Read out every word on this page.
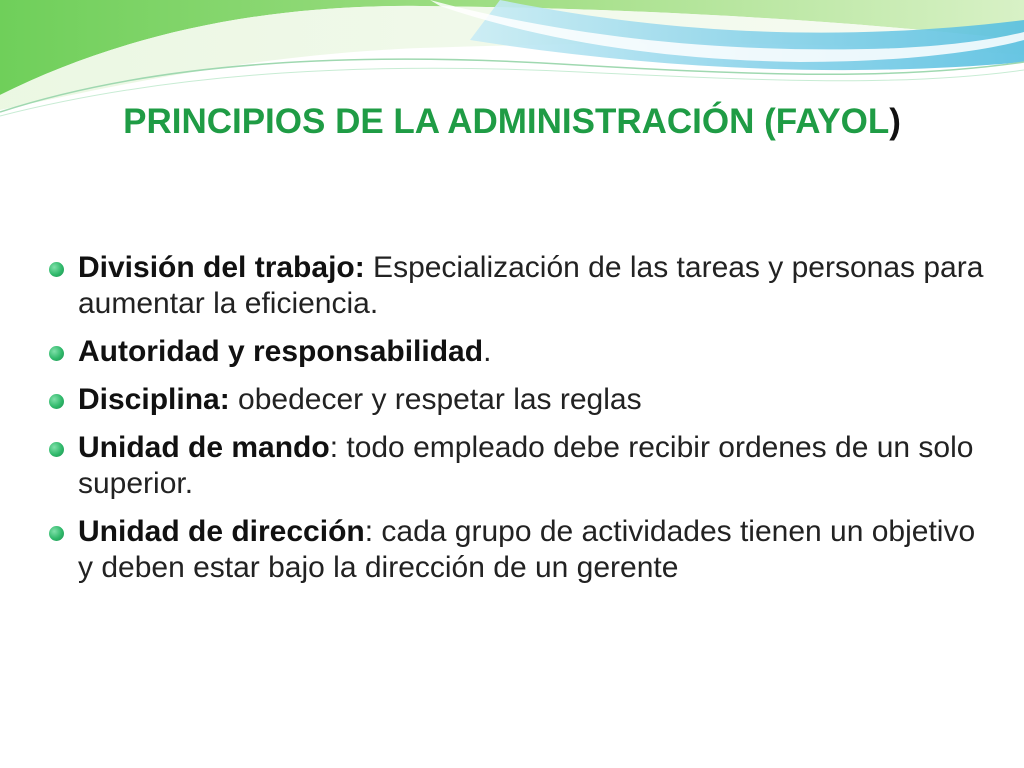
PRINCIPIOS DE LA ADMINISTRACIÓN (FAYOL)
División del trabajo: Especialización de las tareas y personas para aumentar la eficiencia.
Autoridad y responsabilidad.
Disciplina: obedecer y respetar las reglas
Unidad de mando: todo empleado debe recibir ordenes de un solo superior.
Unidad de dirección: cada grupo de actividades tienen un objetivo y deben estar bajo la dirección de un gerente
